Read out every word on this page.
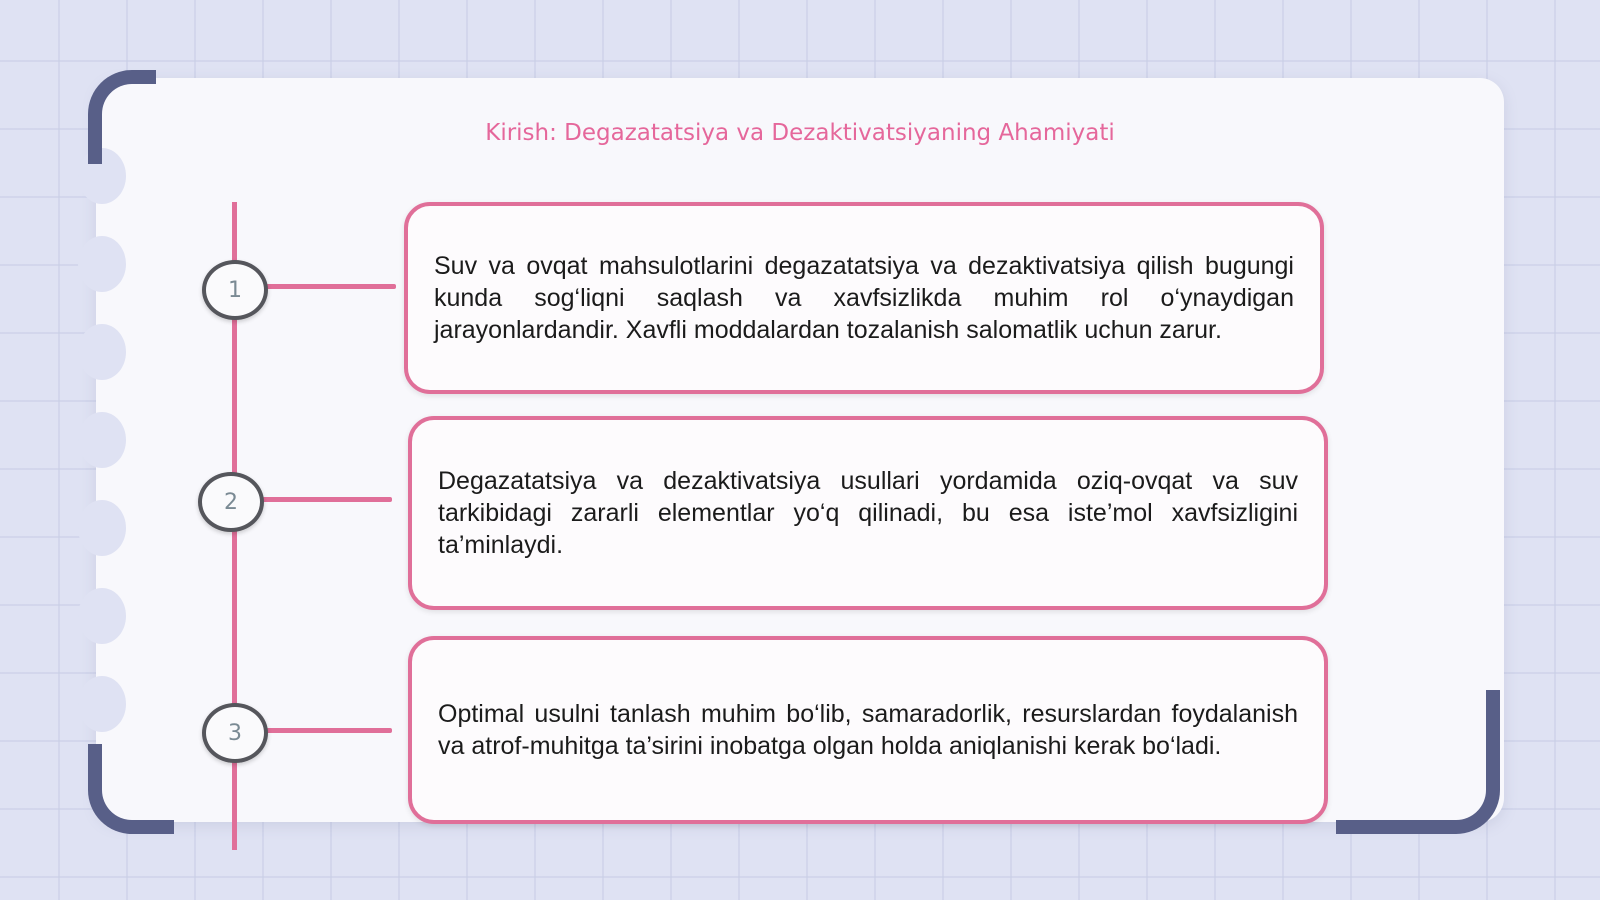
Kirish: Degazatatsiya va Dezaktivatsiyaning Ahamiyati
1
2
3
Suv va ovqat mahsulotlarini degazatatsiya va dezaktivatsiya qilish bugungi kunda sog‘liqni saqlash va xavfsizlikda muhim rol o‘ynaydigan jarayonlardandir. Xavfli moddalardan tozalanish salomatlik uchun zarur.
Degazatatsiya va dezaktivatsiya usullari yordamida oziq-ovqat va suv tarkibidagi zararli elementlar yo‘q qilinadi, bu esa iste’mol xavfsizligini ta’minlaydi.
Optimal usulni tanlash muhim bo‘lib, samaradorlik, resurslardan foydalanish va atrof-muhitga ta’sirini inobatga olgan holda aniqlanishi kerak bo‘ladi.
